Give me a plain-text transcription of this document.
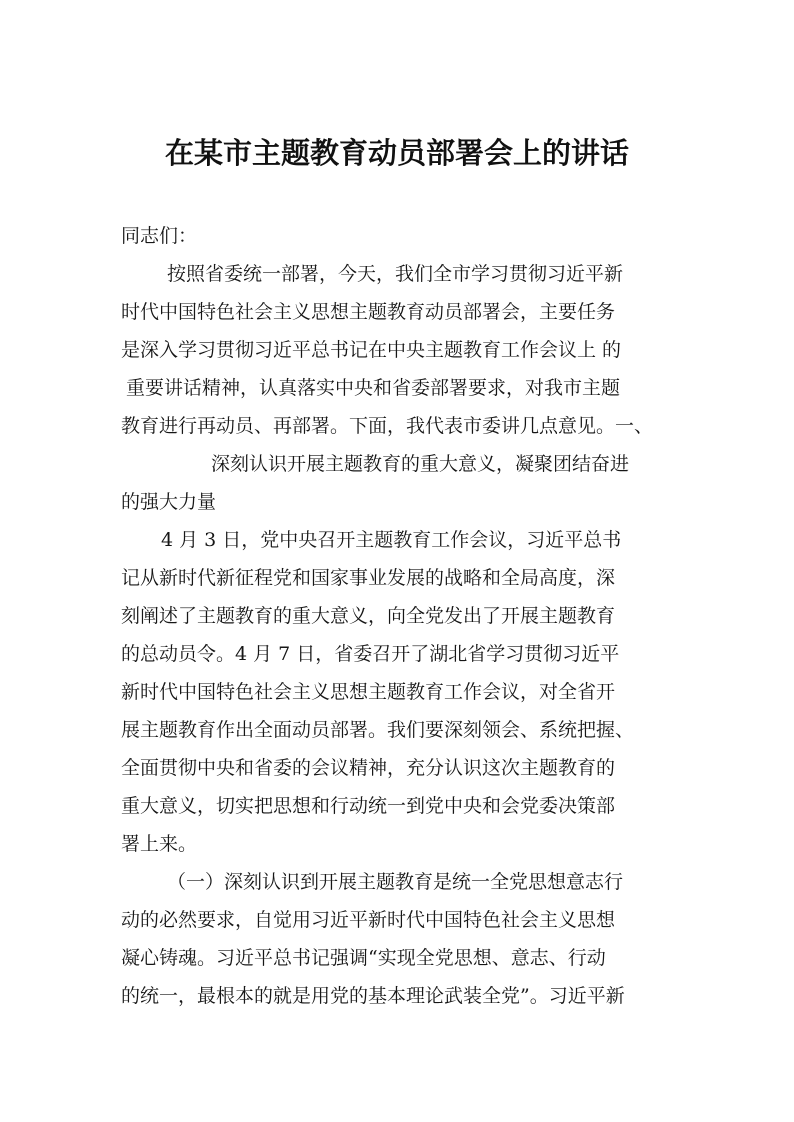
在某市主题教育动员部署会上的讲话
同志们：
按照省委统一部署，今天，我们全市学习贯彻习近平新
时代中国特色社会主义思想主题教育动员部署会，主要任务
是深入学习贯彻习近平总书记在中央主题教育工作会议上 的
重要讲话精神，认真落实中央和省委部署要求，对我市主题
教育进行再动员、再部署。下面，我代表市委讲几点意见。一、
深刻认识开展主题教育的重大意义，凝聚团结奋进
的强大力量
4 月 3 日，党中央召开主题教育工作会议，习近平总书
记从新时代新征程党和国家事业发展的战略和全局高度，深
刻阐述了主题教育的重大意义，向全党发出了开展主题教育
的总动员令。4 月 7 日，省委召开了湖北省学习贯彻习近平
新时代中国特色社会主义思想主题教育工作会议，对全省开
展主题教育作出全面动员部署。我们要深刻领会、系统把握、
全面贯彻中央和省委的会议精神，充分认识这次主题教育的
重大意义，切实把思想和行动统一到党中央和会党委决策部
署上来。
（一）深刻认识到开展主题教育是统一全党思想意志行
动的必然要求，自觉用习近平新时代中国特色社会主义思想
凝心铸魂。习近平总书记强调“实现全党思想、意志、行动
的统一，最根本的就是用党的基本理论武装全党”。习近平新
